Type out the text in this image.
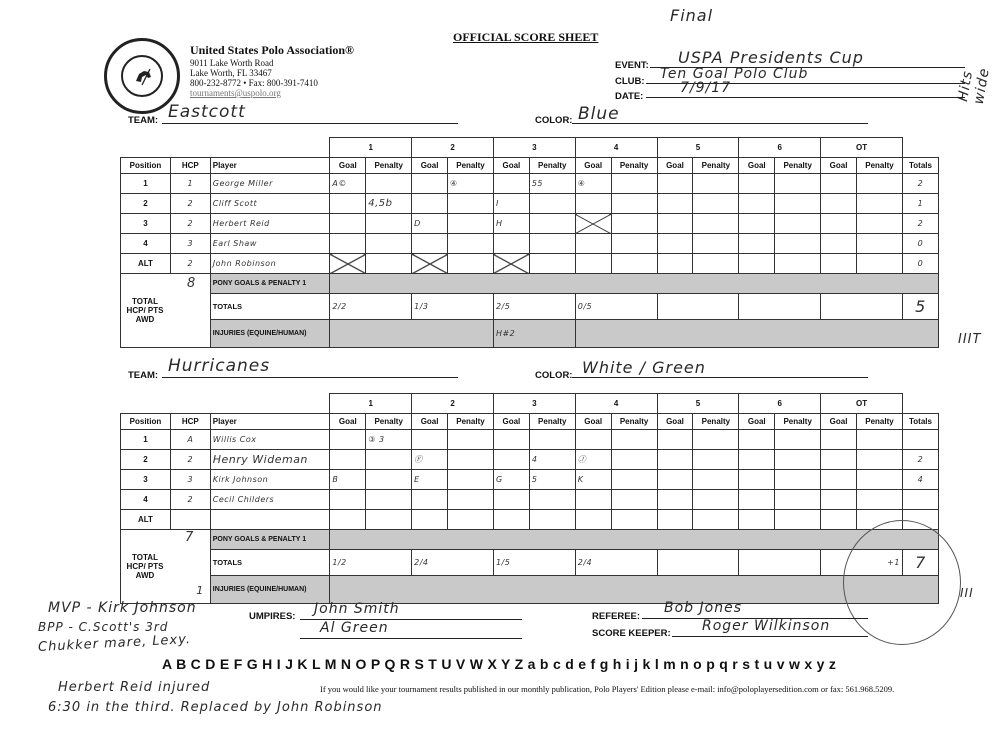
Final
Hits wide
IIIT
United States Polo Association®
9011 Lake Worth Road
Lake Worth, FL 33467
800-232-8772 • Fax: 800-391-7410
tournaments@uspolo.org
OFFICIAL SCORE SHEET
EVENT:	USPA Presidents Cup
CLUB:	Ten Goal Polo Club
DATE:
7/9/17
TEAM: Eastcott	COLOR: Blue
			1		2		3		4		5		6		OT		
Position	HCP	Player	Goal	Penalty	Goal	Penalty	Goal	Penalty	Goal	Penalty	Goal	Penalty	Goal	Penalty	Goal	Penalty	Totals
1	1	George Miller	A©			④		55	④								2
2	2	Cliff Scott		4,5b			I										1
3	2	Herbert Reid			D		H										2
4	3	Earl Shaw															0
ALT	2	John Robinson															0

TOTAL HCP/ PTS AWD
8		PONY GOALS & PENALTY 1															
		TOTALS	2/2		1/3		2/5		0/5								5
		INJURIES (EQUINE/HUMAN)					H#2										
TEAM: Hurricanes	COLOR: White / Green
			1		2		3		4		5		6		OT		
Position	HCP	Player	Goal	Penalty	Goal	Penalty	Goal	Penalty	Goal	Penalty	Goal	Penalty	Goal	Penalty	Goal	Penalty	Totals
1	A	Willis Cox		③ 3													
2	2	Henry Wideman			Ⓕ			4	Ⓙ								2
3	3	Kirk Johnson	B		E		G	5	K								4
4	2	Cecil Childers															
ALT																	

TOTAL HCP/ PTS AWD
7
1		PONY GOALS & PENALTY 1															
		TOTALS	1/2		2/4		1/5		2/4						+1		7
		INJURIES (EQUINE/HUMAN)																III
MVP - Kirk Johnson
BPP - C.Scott's 3rd
Chukker mare, Lexy.
UMPIRES:	John Smith
Al Green
REFEREE:
Bob Jones
SCORE KEEPER:	Roger Wilkinson
A B C D E F G H I J K L M N O P Q R S T U V W X Y Z a b c d e f g h i j k l m n o p q r s t u v w x y z
Herbert Reid injured
6:30 in the third. Replaced by John Robinson
If you would like your tournament results published in our monthly publication, Polo Players' Edition please e-mail: info@poloplayersedition.com or fax: 561.968.5209.
